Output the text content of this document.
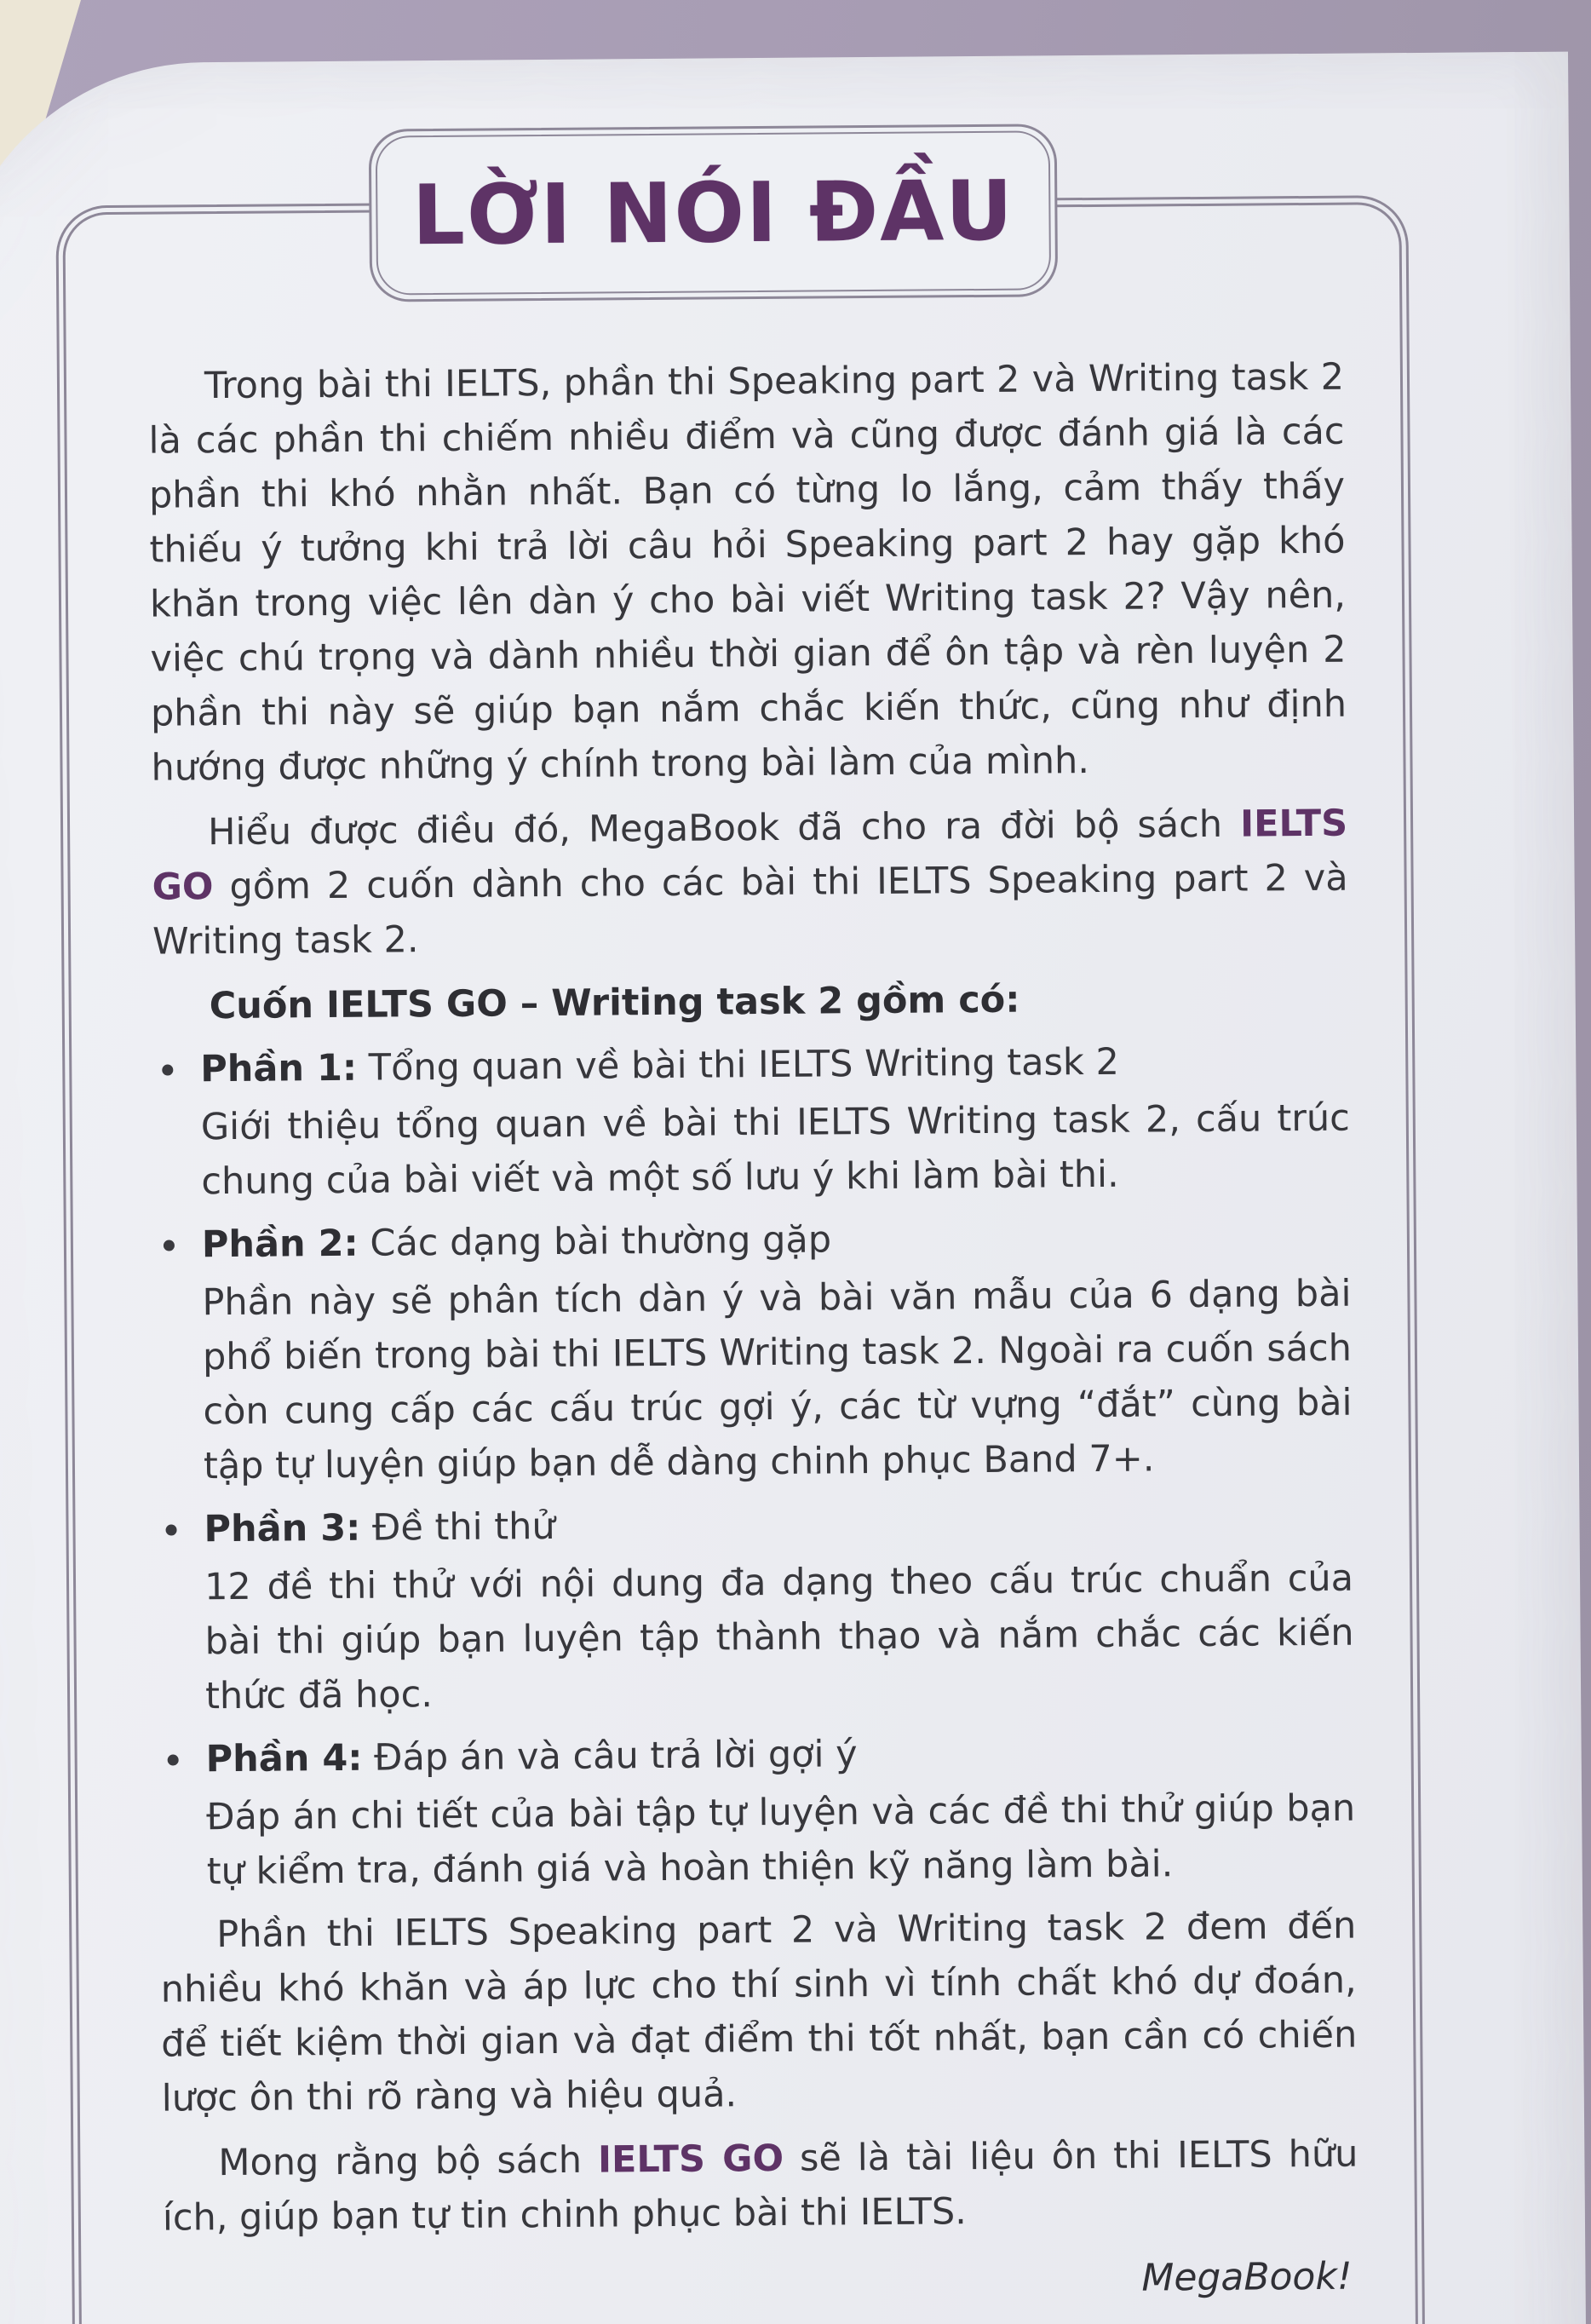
LỜI NÓI ĐẦU

Trong bài thi IELTS, phần thi Speaking part 2 và Writing task 2 là các phần thi chiếm nhiều điểm và cũng được đánh giá là các phần thi khó nhằn nhất. Bạn có từng lo lắng, cảm thấy thấy thiếu ý tưởng khi trả lời câu hỏi Speaking part 2 hay gặp khó khăn trong việc lên dàn ý cho bài viết Writing task 2? Vậy nên, việc chú trọng và dành nhiều thời gian để ôn tập và rèn luyện 2 phần thi này sẽ giúp bạn nắm chắc kiến thức, cũng như định hướng được những ý chính trong bài làm của mình.

Hiểu được điều đó, MegaBook đã cho ra đời bộ sách IELTS GO gồm 2 cuốn dành cho các bài thi IELTS Speaking part 2 và Writing task 2.

Cuốn IELTS GO – Writing task 2 gồm có:

Phần 1: Tổng quan về bài thi IELTS Writing task 2

Giới thiệu tổng quan về bài thi IELTS Writing task 2, cấu trúc chung của bài viết và một số lưu ý khi làm bài thi.

Phần 2: Các dạng bài thường gặp

Phần này sẽ phân tích dàn ý và bài văn mẫu của 6 dạng bài phổ biến trong bài thi IELTS Writing task 2. Ngoài ra cuốn sách còn cung cấp các cấu trúc gợi ý, các từ vựng “đắt” cùng bài tập tự luyện giúp bạn dễ dàng chinh phục Band 7+.

Phần 3: Đề thi thử

12 đề thi thử với nội dung đa dạng theo cấu trúc chuẩn của bài thi giúp bạn luyện tập thành thạo và nắm chắc các kiến thức đã học.

Phần 4: Đáp án và câu trả lời gợi ý

Đáp án chi tiết của bài tập tự luyện và các đề thi thử giúp bạn tự kiểm tra, đánh giá và hoàn thiện kỹ năng làm bài.

Phần thi IELTS Speaking part 2 và Writing task 2 đem đến nhiều khó khăn và áp lực cho thí sinh vì tính chất khó dự đoán, để tiết kiệm thời gian và đạt điểm thi tốt nhất, bạn cần có chiến lược ôn thi rõ ràng và hiệu quả.

Mong rằng bộ sách IELTS GO sẽ là tài liệu ôn thi IELTS hữu ích, giúp bạn tự tin chinh phục bài thi IELTS.

MegaBook!
